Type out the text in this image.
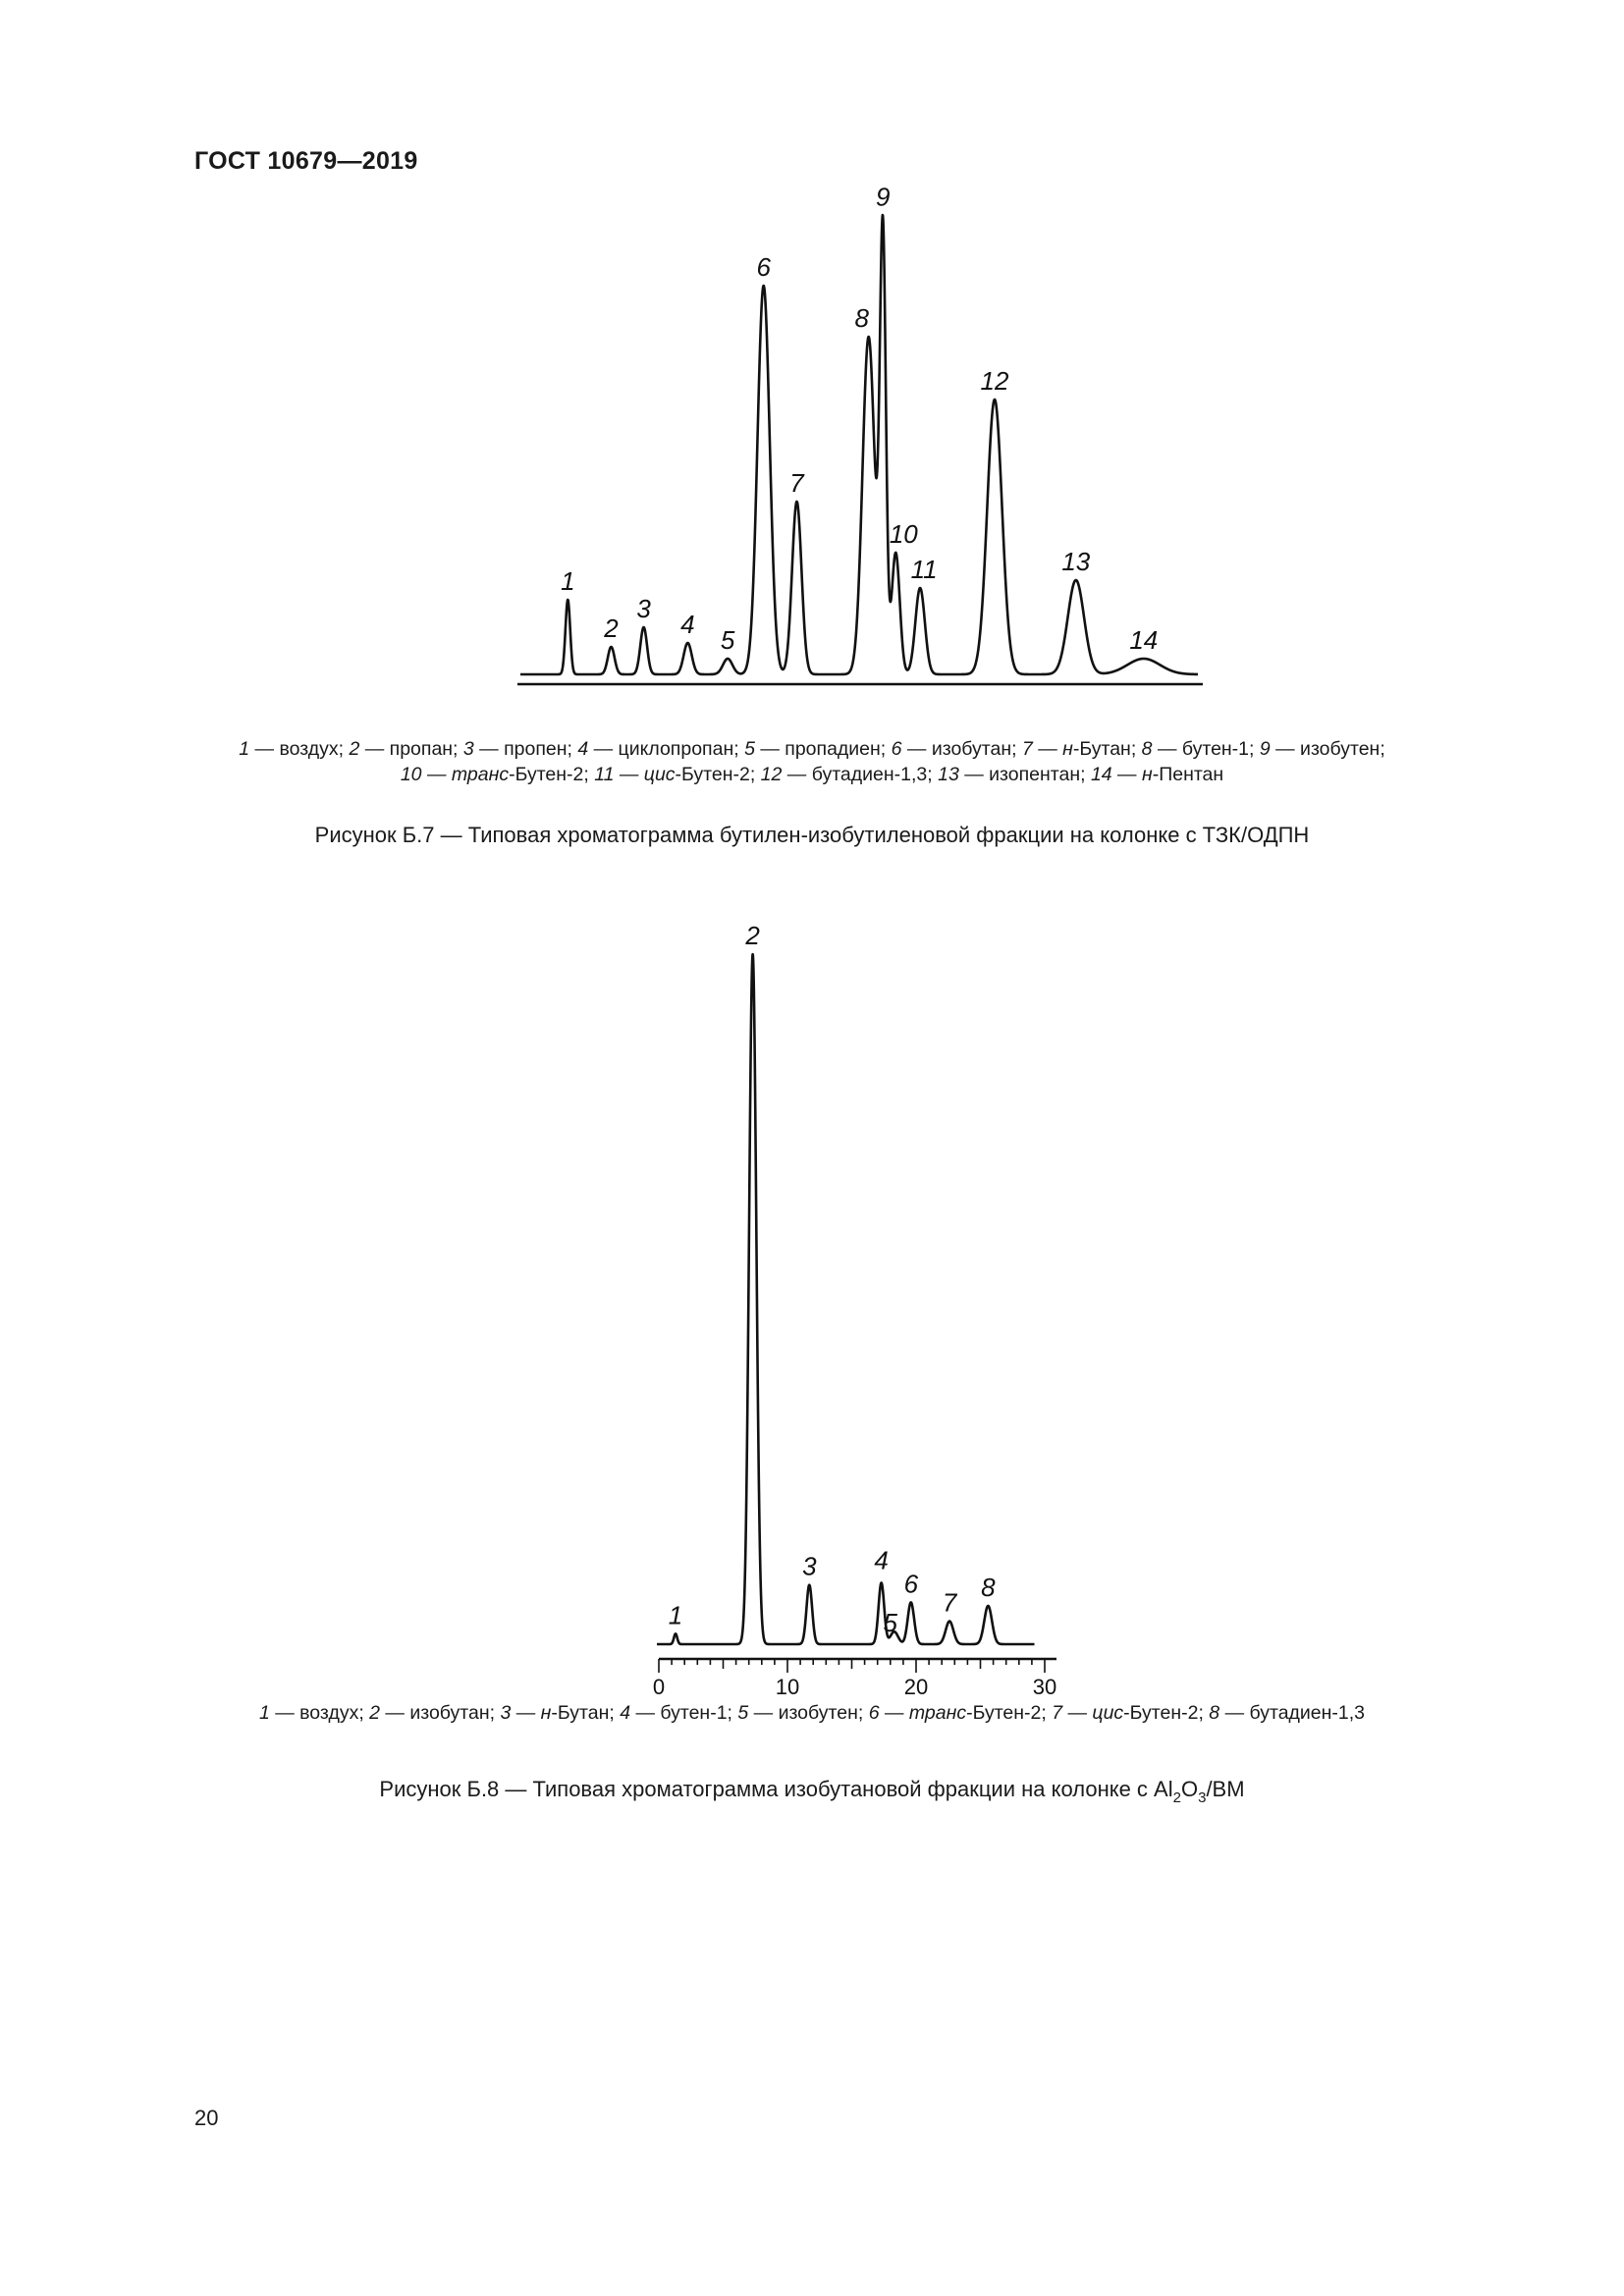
ГОСТ 10679—2019
1
2
3
4
5
6
7
8
9
10
11
12
13
14
1 — воздух; 2 — пропан; 3 — пропен; 4 — циклопропан; 5 — пропадиен; 6 — изобутан; 7 — н-Бутан; 8 — бутен-1; 9 — изобутен;
10 — транс-Бутен-2; 11 — цис-Бутен-2; 12 — бутадиен-1,3; 13 — изопентан; 14 — н-Пентан
Рисунок Б.7 — Типовая хроматограмма бутилен-изобутиленовой фракции на колонке с ТЗК/ОДПН
0	10	20	30
1
2
3 4
5
6
7
8
1 — воздух; 2 — изобутан; 3 — н-Бутан; 4 — бутен-1; 5 — изобутен; 6 — транс-Бутен-2; 7 — цис-Бутен-2; 8 — бутадиен-1,3
Рисунок Б.8 — Типовая хроматограмма изобутановой фракции на колонке с $Al_2O_3/ВМ$
20
